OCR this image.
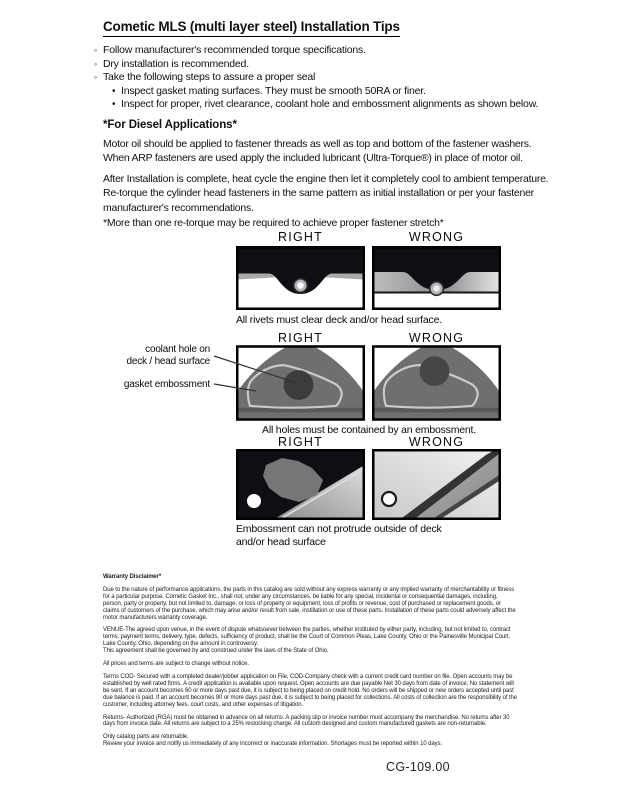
Cometic MLS (multi layer steel) Installation Tips
◦ Follow manufacturer's recommended torque specifications.
◦ Dry installation is recommended.
◦ Take the following steps to assure a proper seal
• Inspect gasket mating surfaces. They must be smooth 50RA or finer.
• Inspect for proper, rivet clearance, coolant hole and embossment alignments as shown below.
*For Diesel Applications*
Motor oil should be applied to fastener threads as well as top and bottom of the fastener washers. When ARP fasteners are used apply the included lubricant (Ultra-Torque®) in place of motor oil.
After Installation is complete, heat cycle the engine then let it completely cool to ambient temperature. Re-torque the cylinder head fasteners in the same pattern as initial installation or per your fastener manufacturer's recommendations.
*More than one re-torque may be required to achieve proper fastener stretch*
RIGHT	WRONG
All rivets must clear deck and/or head surface.
coolant hole on
deck / head surface
gasket embossment
RIGHT	WRONG
All holes must be contained by an embossment.
RIGHT	WRONG
Embossment can not protrude outside of deck
and/or head surface

Warranty Disclaimer*

Due to the nature of performance applications, the parts in this catalog are sold without any express warranty or any implied warranty of merchantability or fitness for a particular purpose. Cometic Gasket Inc., shall not, under any circumstances, be liable for any special, incidental or consequential damages, including, person, party or property, but not limited to, damage, or loss of property or equipment, loss of profits or revenue, cost of purchased or replacement goods, or claims of customers of the purchase, which may arise and/or result from sale, instillation or use of these parts. Installation of these parts could adversely affect the motor manufacturers warranty coverage.

VENUE-The agreed upon venue, in the event of dispute whatsoever between the parties, whether instituted by either party, including, but not limited to, contract terms, payment terms, delivery, type, defects, sufficiency of product, shall be the Court of Common Pleas, Lake County, Ohio or the Painesville Municipal Court, Lake County, Ohio, depending on the amount in controversy.

This agreement shall be governed by and construed under the laws of the State of Ohio.

All prices and terms are subject to change without notice.

Terms COD- Secured with a completed dealer/jobber application on File, COD-Company check with a current credit card number on file. Open accounts may be established by well rated firms. A credit application is available upon request. Open accounts are due payable Net 30 days from date of invoice. No statement will be sent. If an account becomes 60 or more days past due, it is subject to being placed on credit hold. No orders will be shipped or new orders accepted until past due balance is paid. If an account becomes 90 or more days past due, it is subject to being placed for collections. All costs of collection are the responsibility of the customer, including attorney fees, court costs, and other expenses of litigation.

Returns- Authorized (RGA) must be obtained in advance on all returns. A packing slip or invoice number must accompany the merchandise. No returns after 30 days from invoice date. All returns are subject to a 25% restocking charge. All custom designed and custom manufactured gaskets are non-returnable.

Only catalog parts are returnable.

Review your invoice and notify us immediately of any incorrect or inaccurate information. Shortages must be reported within 10 days.

CG-109.00
